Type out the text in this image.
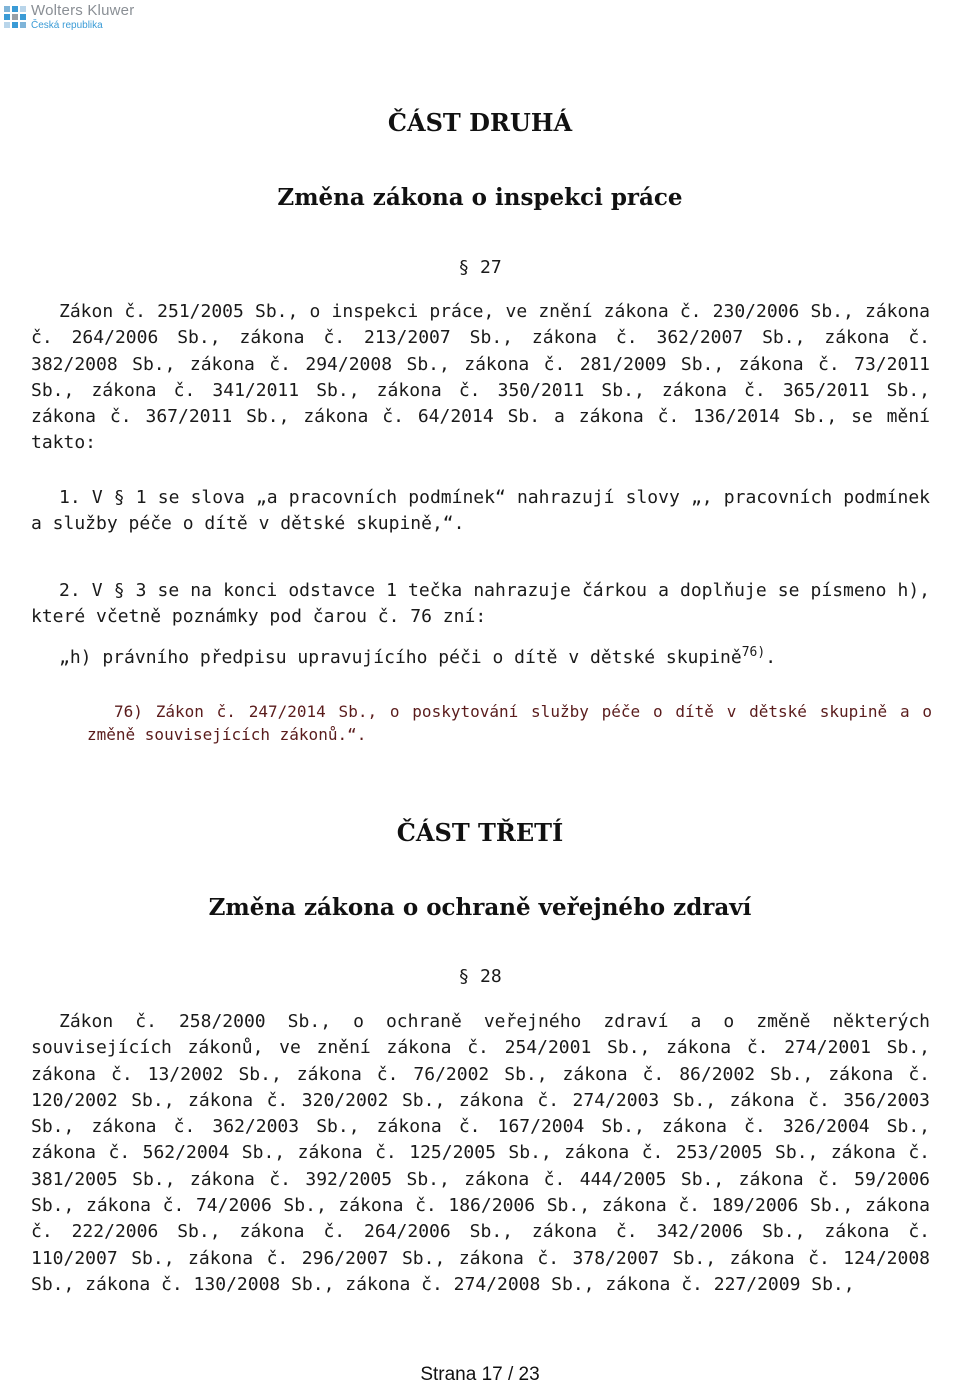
Wolters Kluwer
Česká republika
ČÁST DRUHÁ
Změna zákona o inspekci práce
§ 27
Zákon č. 251/2005 Sb., o inspekci práce, ve znění zákona č. 230/2006 Sb., zákona č. 264/2006 Sb., zákona č. 213/2007 Sb., zákona č. 362/2007 Sb., zákona č. 382/2008 Sb., zákona č. 294/2008 Sb., zákona č. 281/2009 Sb., zákona č. 73/2011 Sb., zákona č. 341/2011 Sb., zákona č. 350/2011 Sb., zákona č. 365/2011 Sb., zákona č. 367/2011 Sb., zákona č. 64/2014 Sb. a zákona č. 136/2014 Sb., se mění takto:
1. V § 1 se slova „a pracovních podmínek“ nahrazují slovy „, pracovních podmínek a služby péče o dítě v dětské skupině,“.
2. V § 3 se na konci odstavce 1 tečka nahrazuje čárkou a doplňuje se písmeno h), které včetně poznámky pod čarou č. 76 zní:
„h) právního předpisu upravujícího péči o dítě v dětské skupině$^{76)}$.
76) Zákon č. 247/2014 Sb., o poskytování služby péče o dítě v dětské skupině a o změně souvisejících zákonů.“.
ČÁST TŘETÍ
Změna zákona o ochraně veřejného zdraví
§ 28
Zákon č. 258/2000 Sb., o ochraně veřejného zdraví a o změně některých souvisejících zákonů, ve znění zákona č. 254/2001 Sb., zákona č. 274/2001 Sb., zákona č. 13/2002 Sb., zákona č. 76/2002 Sb., zákona č. 86/2002 Sb., zákona č. 120/2002 Sb., zákona č. 320/2002 Sb., zákona č. 274/2003 Sb., zákona č. 356/2003 Sb., zákona č. 362/2003 Sb., zákona č. 167/2004 Sb., zákona č. 326/2004 Sb., zákona č. 562/2004 Sb., zákona č. 125/2005 Sb., zákona č. 253/2005 Sb., zákona č. 381/2005 Sb., zákona č. 392/2005 Sb., zákona č. 444/2005 Sb., zákona č. 59/2006 Sb., zákona č. 74/2006 Sb., zákona č. 186/2006 Sb., zákona č. 189/2006 Sb., zákona č. 222/2006 Sb., zákona č. 264/2006 Sb., zákona č. 342/2006 Sb., zákona č. 110/2007 Sb., zákona č. 296/2007 Sb., zákona č. 378/2007 Sb., zákona č. 124/2008 Sb., zákona č. 130/2008 Sb., zákona č. 274/2008 Sb., zákona č. 227/2009 Sb.,
Strana 17 / 23
